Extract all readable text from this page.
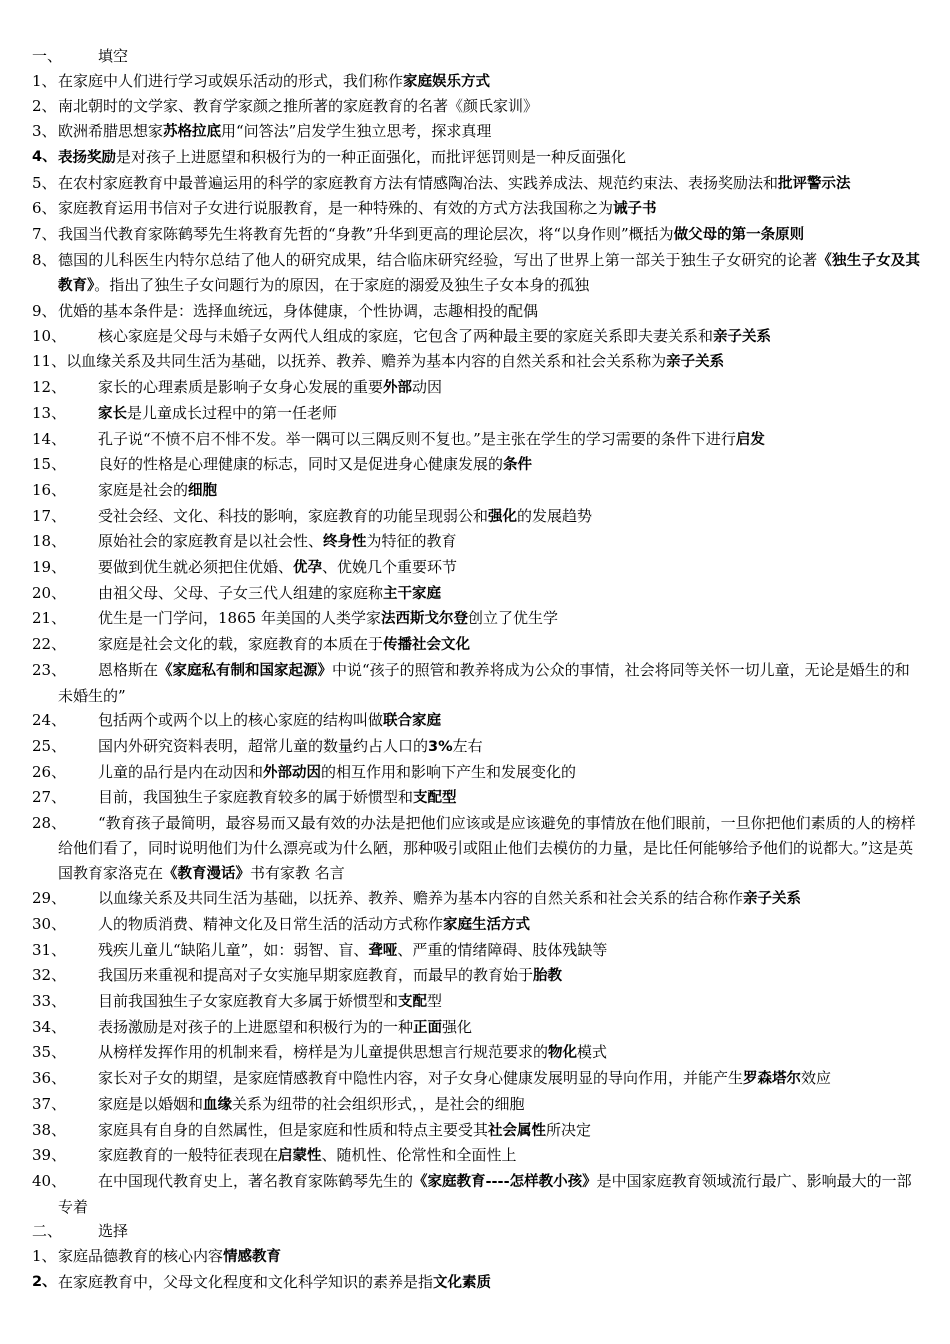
一、	填空
1、 在家庭中人们进行学习或娱乐活动的形式，我们称作家庭娱乐方式
2、 南北朝时的文学家、教育学家颜之推所著的家庭教育的名著《颜氏家训》
3、 欧洲希腊思想家苏格拉底用“问答法”启发学生独立思考，探求真理
4、 表扬奖励是对孩子上进愿望和积极行为的一种正面强化，而批评惩罚则是一种反面强化
5、 在农村家庭教育中最普遍运用的科学的家庭教育方法有情感陶冶法、实践养成法、规范约束法、表扬奖励法和批评警示法
6、 家庭教育运用书信对子女进行说服教育，是一种特殊的、有效的方式方法我国称之为诫子书
7、 我国当代教育家陈鹤琴先生将教育先哲的“身教”升华到更高的理论层次，将“以身作则”概括为做父母的第一条原则
8、 德国的儿科医生内特尔总结了他人的研究成果，结合临床研究经验，写出了世界上第一部关于独生子女研究的论著《独生子女及其教育》。指出了独生子女问题行为的原因，在于家庭的溺爱及独生子女本身的孤独
9、 优婚的基本条件是：选择血统远，身体健康，个性协调，志趣相投的配偶
10、	核心家庭是父母与未婚子女两代人组成的家庭，它包含了两种最主要的家庭关系即夫妻关系和亲子关系
11、 以血缘关系及共同生活为基础，以抚养、教养、赡养为基本内容的自然关系和社会关系称为亲子关系
12、	家长的心理素质是影响子女身心发展的重要外部动因
13、	家长是儿童成长过程中的第一任老师
14、	孔子说“不愤不启不悱不发。举一隅可以三隅反则不复也。”是主张在学生的学习需要的条件下进行启发
15、	良好的性格是心理健康的标志，同时又是促进身心健康发展的条件
16、	家庭是社会的细胞
17、	受社会经、文化、科技的影响，家庭教育的功能呈现弱公和强化的发展趋势
18、	原始社会的家庭教育是以社会性、终身性为特征的教育
19、	要做到优生就必须把住优婚、优孕、优娩几个重要环节
20、	由祖父母、父母、子女三代人组建的家庭称主干家庭
21、	优生是一门学问，1865 年美国的人类学家法西斯戈尔登创立了优生学
22、	家庭是社会文化的载，家庭教育的本质在于传播社会文化
23、 恩格斯在《家庭私有制和国家起源》中说“孩子的照管和教养将成为公众的事情，社会将同等关怀一切儿童，无论是婚生的和未婚生的”
24、	包括两个或两个以上的核心家庭的结构叫做联合家庭
25、	国内外研究资料表明，超常儿童的数量约占人口的3%左右
26、	儿童的品行是内在动因和外部动因的相互作用和影响下产生和发展变化的
27、	目前，我国独生子家庭教育较多的属于娇惯型和支配型
28、 “教育孩子最简明，最容易而又最有效的办法是把他们应该或是应该避免的事情放在他们眼前，一旦你把他们素质的人的榜样给他们看了，同时说明他们为什么漂亮或为什么陋，那种吸引或阻止他们去模仿的力量，是比任何能够给予他们的说都大。”这是英国教育家洛克在《教育漫话》书有家教 名言
29、	以血缘关系及共同生活为基础，以抚养、教养、赡养为基本内容的自然关系和社会关系的结合称作亲子关系
30、	人的物质消费、精神文化及日常生活的活动方式称作家庭生活方式
31、	残疾儿童儿“缺陷儿童”，如：弱智、盲、聋哑、严重的情绪障碍、肢体残缺等
32、	我国历来重视和提高对子女实施早期家庭教育，而最早的教育始于胎教
33、	目前我国独生子女家庭教育大多属于娇惯型和支配型
34、	表扬激励是对孩子的上进愿望和积极行为的一种正面强化
35、	从榜样发挥作用的机制来看，榜样是为儿童提供思想言行规范要求的物化模式
36、	家长对子女的期望，是家庭情感教育中隐性内容，对子女身心健康发展明显的导向作用，并能产生罗森塔尔效应
37、	家庭是以婚姻和血缘关系为纽带的社会组织形式，，是社会的细胞
38、	家庭具有自身的自然属性，但是家庭和性质和特点主要受其社会属性所决定
39、	家庭教育的一般特征表现在启蒙性、随机性、伦常性和全面性上
40、 在中国现代教育史上，著名教育家陈鹤琴先生的《家庭教育----怎样教小孩》是中国家庭教育领域流行最广、影响最大的一部专着
二、	选择
1、 家庭品德教育的核心内容情感教育
2、 在家庭教育中，父母文化程度和文化科学知识的素养是指文化素质
